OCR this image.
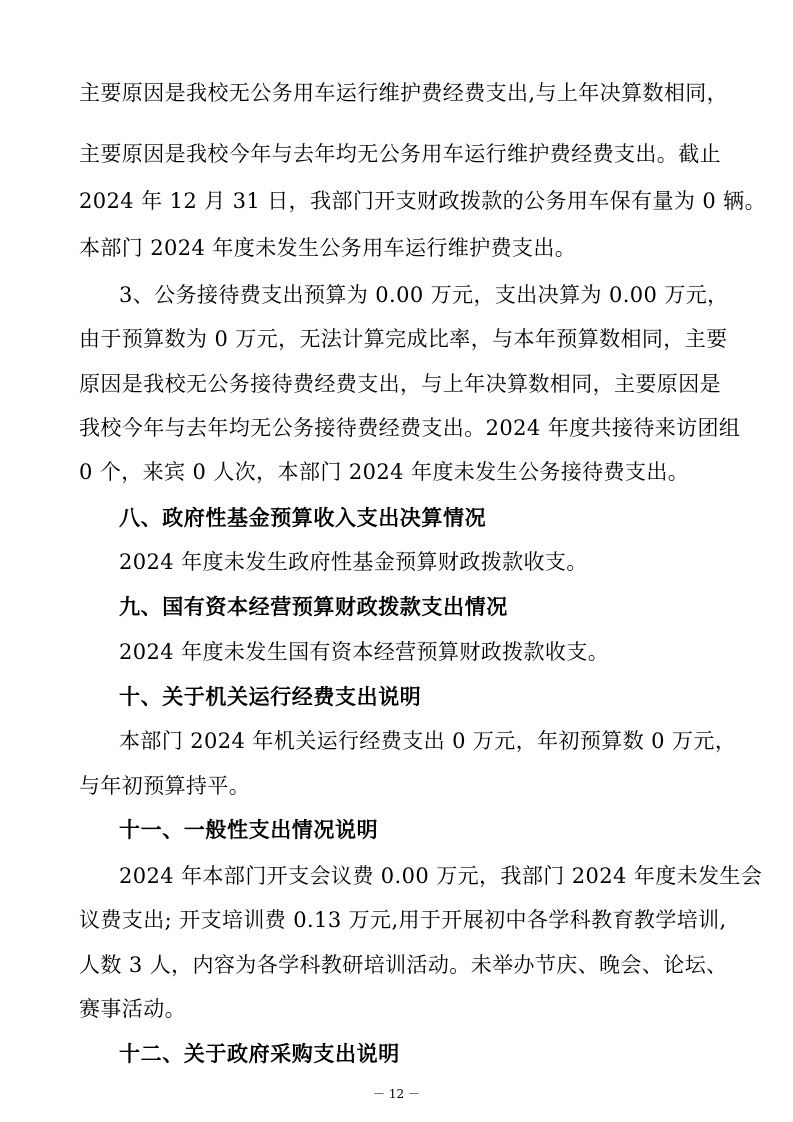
主要原因是我校无公务用车运行维护费经费支出,与上年决算数相同，
主要原因是我校今年与去年均无公务用车运行维护费经费支出。截止
2024 年 12 月 31 日，我部门开支财政拨款的公务用车保有量为 0 辆。
本部门 2024 年度未发生公务用车运行维护费支出。
3、公务接待费支出预算为 0.00 万元，支出决算为 0.00 万元，
由于预算数为 0 万元，无法计算完成比率，与本年预算数相同，主要
原因是我校无公务接待费经费支出，与上年决算数相同，主要原因是
我校今年与去年均无公务接待费经费支出。2024 年度共接待来访团组
0 个，来宾 0 人次，本部门 2024 年度未发生公务接待费支出。
八、政府性基金预算收入支出决算情况
2024 年度未发生政府性基金预算财政拨款收支。
九、国有资本经营预算财政拨款支出情况
2024 年度未发生国有资本经营预算财政拨款收支。
十、关于机关运行经费支出说明
本部门 2024 年机关运行经费支出 0 万元，年初预算数 0 万元，
与年初预算持平。
十一、一般性支出情况说明
2024 年本部门开支会议费 0.00 万元，我部门 2024 年度未发生会
议费支出; 开支培训费 0.13 万元,用于开展初中各学科教育教学培训,
人数 3 人，内容为各学科教研培训活动。未举办节庆、晚会、论坛、
赛事活动。
十二、关于政府采购支出说明
－ 12 －
